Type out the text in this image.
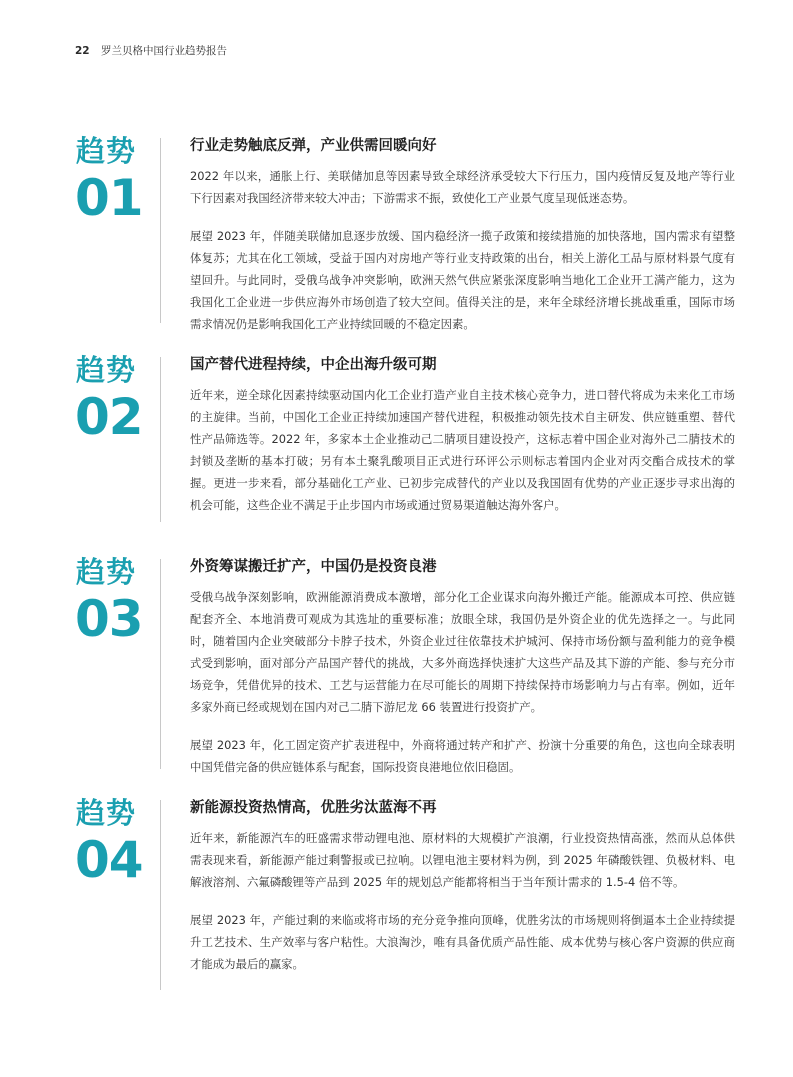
22 罗兰贝格中国行业趋势报告
趋势
01
行业走势触底反弹，产业供需回暖向好

2022 年以来，通胀上行、美联储加息等因素导致全球经济承受较大下行压力，国内疫情反复及地产等行业下行因素对我国经济带来较大冲击；下游需求不振，致使化工产业景气度呈现低迷态势。

展望 2023 年，伴随美联储加息逐步放缓、国内稳经济一揽子政策和接续措施的加快落地，国内需求有望整体复苏；尤其在化工领域，受益于国内对房地产等行业支持政策的出台，相关上游化工品与原材料景气度有望回升。与此同时，受俄乌战争冲突影响，欧洲天然气供应紧张深度影响当地化工企业开工满产能力，这为我国化工企业进一步供应海外市场创造了较大空间。值得关注的是，来年全球经济增长挑战重重，国际市场需求情况仍是影响我国化工产业持续回暖的不稳定因素。

趋势
02
国产替代进程持续，中企出海升级可期

近年来，逆全球化因素持续驱动国内化工企业打造产业自主技术核心竞争力，进口替代将成为未来化工市场的主旋律。当前，中国化工企业正持续加速国产替代进程，积极推动领先技术自主研发、供应链重塑、替代性产品筛选等。2022 年，多家本土企业推动己二腈项目建设投产，这标志着中国企业对海外己二腈技术的封锁及垄断的基本打破；另有本土聚乳酸项目正式进行环评公示则标志着国内企业对丙交酯合成技术的掌握。更进一步来看，部分基础化工产业、已初步完成替代的产业以及我国固有优势的产业正逐步寻求出海的机会可能，这些企业不满足于止步国内市场或通过贸易渠道触达海外客户。

趋势
03
外资筹谋搬迁扩产，中国仍是投资良港

受俄乌战争深刻影响，欧洲能源消费成本激增，部分化工企业谋求向海外搬迁产能。能源成本可控、供应链配套齐全、本地消费可观成为其选址的重要标准；放眼全球，我国仍是外资企业的优先选择之一。与此同时，随着国内企业突破部分卡脖子技术，外资企业过往依靠技术护城河、保持市场份额与盈利能力的竞争模式受到影响，面对部分产品国产替代的挑战，大多外商选择快速扩大这些产品及其下游的产能、参与充分市场竞争，凭借优异的技术、工艺与运营能力在尽可能长的周期下持续保持市场影响力与占有率。例如，近年多家外商已经或规划在国内对己二腈下游尼龙 66 装置进行投资扩产。

展望 2023 年，化工固定资产扩表进程中，外商将通过转产和扩产、扮演十分重要的角色，这也向全球表明中国凭借完备的供应链体系与配套，国际投资良港地位依旧稳固。

趋势
04
新能源投资热情高，优胜劣汰蓝海不再

近年来，新能源汽车的旺盛需求带动锂电池、原材料的大规模扩产浪潮，行业投资热情高涨，然而从总体供需表现来看，新能源产能过剩警报或已拉响。以锂电池主要材料为例，到 2025 年磷酸铁锂、负极材料、电解液溶剂、六氟磷酸锂等产品到 2025 年的规划总产能都将相当于当年预计需求的 1.5-4 倍不等。

展望 2023 年，产能过剩的来临或将市场的充分竞争推向顶峰，优胜劣汰的市场规则将倒逼本土企业持续提升工艺技术、生产效率与客户粘性。大浪淘沙，唯有具备优质产品性能、成本优势与核心客户资源的供应商才能成为最后的赢家。
